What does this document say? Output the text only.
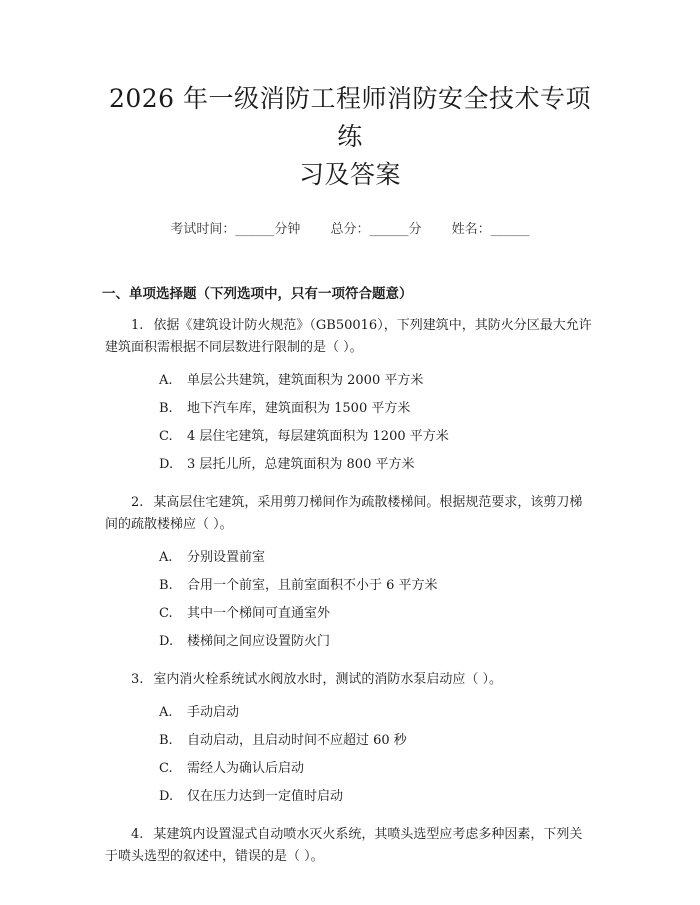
2026 年一级消防工程师消防安全技术专项练
习及答案
考试时间：______分钟 总分：______分 姓名：______
一、单项选择题（下列选项中，只有一项符合题意）
1. 依据《建筑设计防火规范》（GB50016），下列建筑中，其防火分区最大允许建筑面积需根据不同层数进行限制的是（ ）。
A. 单层公共建筑，建筑面积为 2000 平方米
B. 地下汽车库，建筑面积为 1500 平方米
C. 4 层住宅建筑，每层建筑面积为 1200 平方米
D. 3 层托儿所，总建筑面积为 800 平方米
2. 某高层住宅建筑，采用剪刀梯间作为疏散楼梯间。根据规范要求，该剪刀梯间的疏散楼梯应（ ）。
A. 分别设置前室
B. 合用一个前室，且前室面积不小于 6 平方米
C. 其中一个梯间可直通室外
D. 楼梯间之间应设置防火门
3. 室内消火栓系统试水阀放水时，测试的消防水泵启动应（ ）。
A. 手动启动
B. 自动启动，且启动时间不应超过 60 秒
C. 需经人为确认后启动
D. 仅在压力达到一定值时启动
4. 某建筑内设置湿式自动喷水灭火系统，其喷头选型应考虑多种因素，下列关于喷头选型的叙述中，错误的是（ ）。
